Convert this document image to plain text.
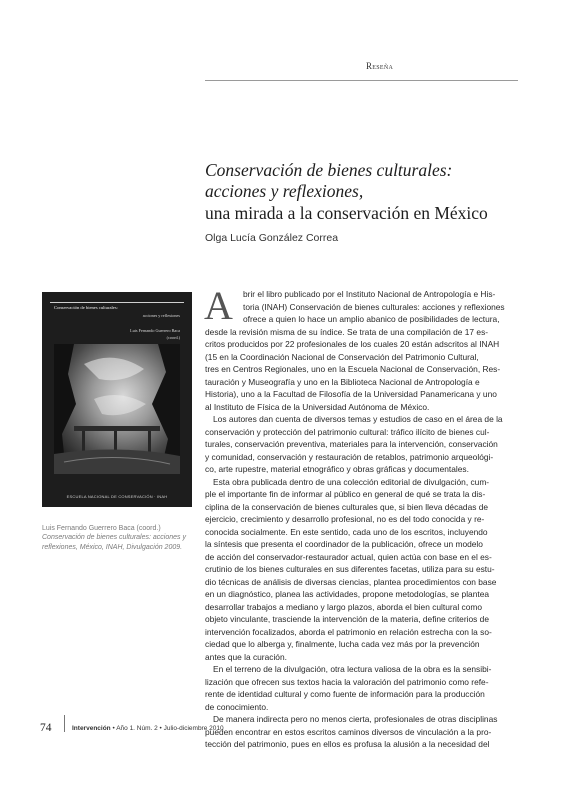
Reseña
Conservación de bienes culturales:
acciones y reflexiones,
una mirada a la conservación en México
Olga Lucía González Correa
Conservación de bienes culturales:
acciones y reflexiones
Luis Fernando Guerrero Baca
(coord.)
ESCUELA NACIONAL DE CONSERVACIÓN · INAH
Luis Fernando Guerrero Baca (coord.)
Conservación de bienes culturales: acciones y
reflexiones, México, INAH, Divulgación 2009.
A	brir el libro publicado por el Instituto Nacional de Antropología e His-
toria (INAH) Conservación de bienes culturales: acciones y reflexiones
ofrece a quien lo hace un amplio abanico de posibilidades de lectura,
desde la revisión misma de su índice. Se trata de una compilación de 17 es-
critos producidos por 22 profesionales de los cuales 20 están adscritos al INAH
(15 en la Coordinación Nacional de Conservación del Patrimonio Cultural,
tres en Centros Regionales, uno en la Escuela Nacional de Conservación, Res-
tauración y Museografía y uno en la Biblioteca Nacional de Antropología e
Historia), uno a la Facultad de Filosofía de la Universidad Panamericana y uno
al Instituto de Física de la Universidad Autónoma de México.
Los autores dan cuenta de diversos temas y estudios de caso en el área de la
conservación y protección del patrimonio cultural: tráfico ilícito de bienes cul-
turales, conservación preventiva, materiales para la intervención, conservación
y comunidad, conservación y restauración de retablos, patrimonio arqueológi-
co, arte rupestre, material etnográfico y obras gráficas y documentales.
Esta obra publicada dentro de una colección editorial de divulgación, cum-
ple el importante fin de informar al público en general de qué se trata la dis-
ciplina de la conservación de bienes culturales que, si bien lleva décadas de
ejercicio, crecimiento y desarrollo profesional, no es del todo conocida y re-
conocida socialmente. En este sentido, cada uno de los escritos, incluyendo
la síntesis que presenta el coordinador de la publicación, ofrece un modelo
de acción del conservador-restaurador actual, quien actúa con base en el es-
crutinio de los bienes culturales en sus diferentes facetas, utiliza para su estu-
dio técnicas de análisis de diversas ciencias, plantea procedimientos con base
en un diagnóstico, planea las actividades, propone metodologías, se plantea
desarrollar trabajos a mediano y largo plazos, aborda el bien cultural como
objeto vinculante, trasciende la intervención de la materia, define criterios de
intervención focalizados, aborda el patrimonio en relación estrecha con la so-
ciedad que lo alberga y, finalmente, lucha cada vez más por la prevención
antes que la curación.
En el terreno de la divulgación, otra lectura valiosa de la obra es la sensibi-
lización que ofrecen sus textos hacia la valoración del patrimonio como refe-
rente de identidad cultural y como fuente de información para la producción
de conocimiento.
De manera indirecta pero no menos cierta, profesionales de otras disciplinas
pueden encontrar en estos escritos caminos diversos de vinculación a la pro-
tección del patrimonio, pues en ellos es profusa la alusión a la necesidad del
74	Intervención • Año 1. Núm. 2 • Julio-diciembre 2010
